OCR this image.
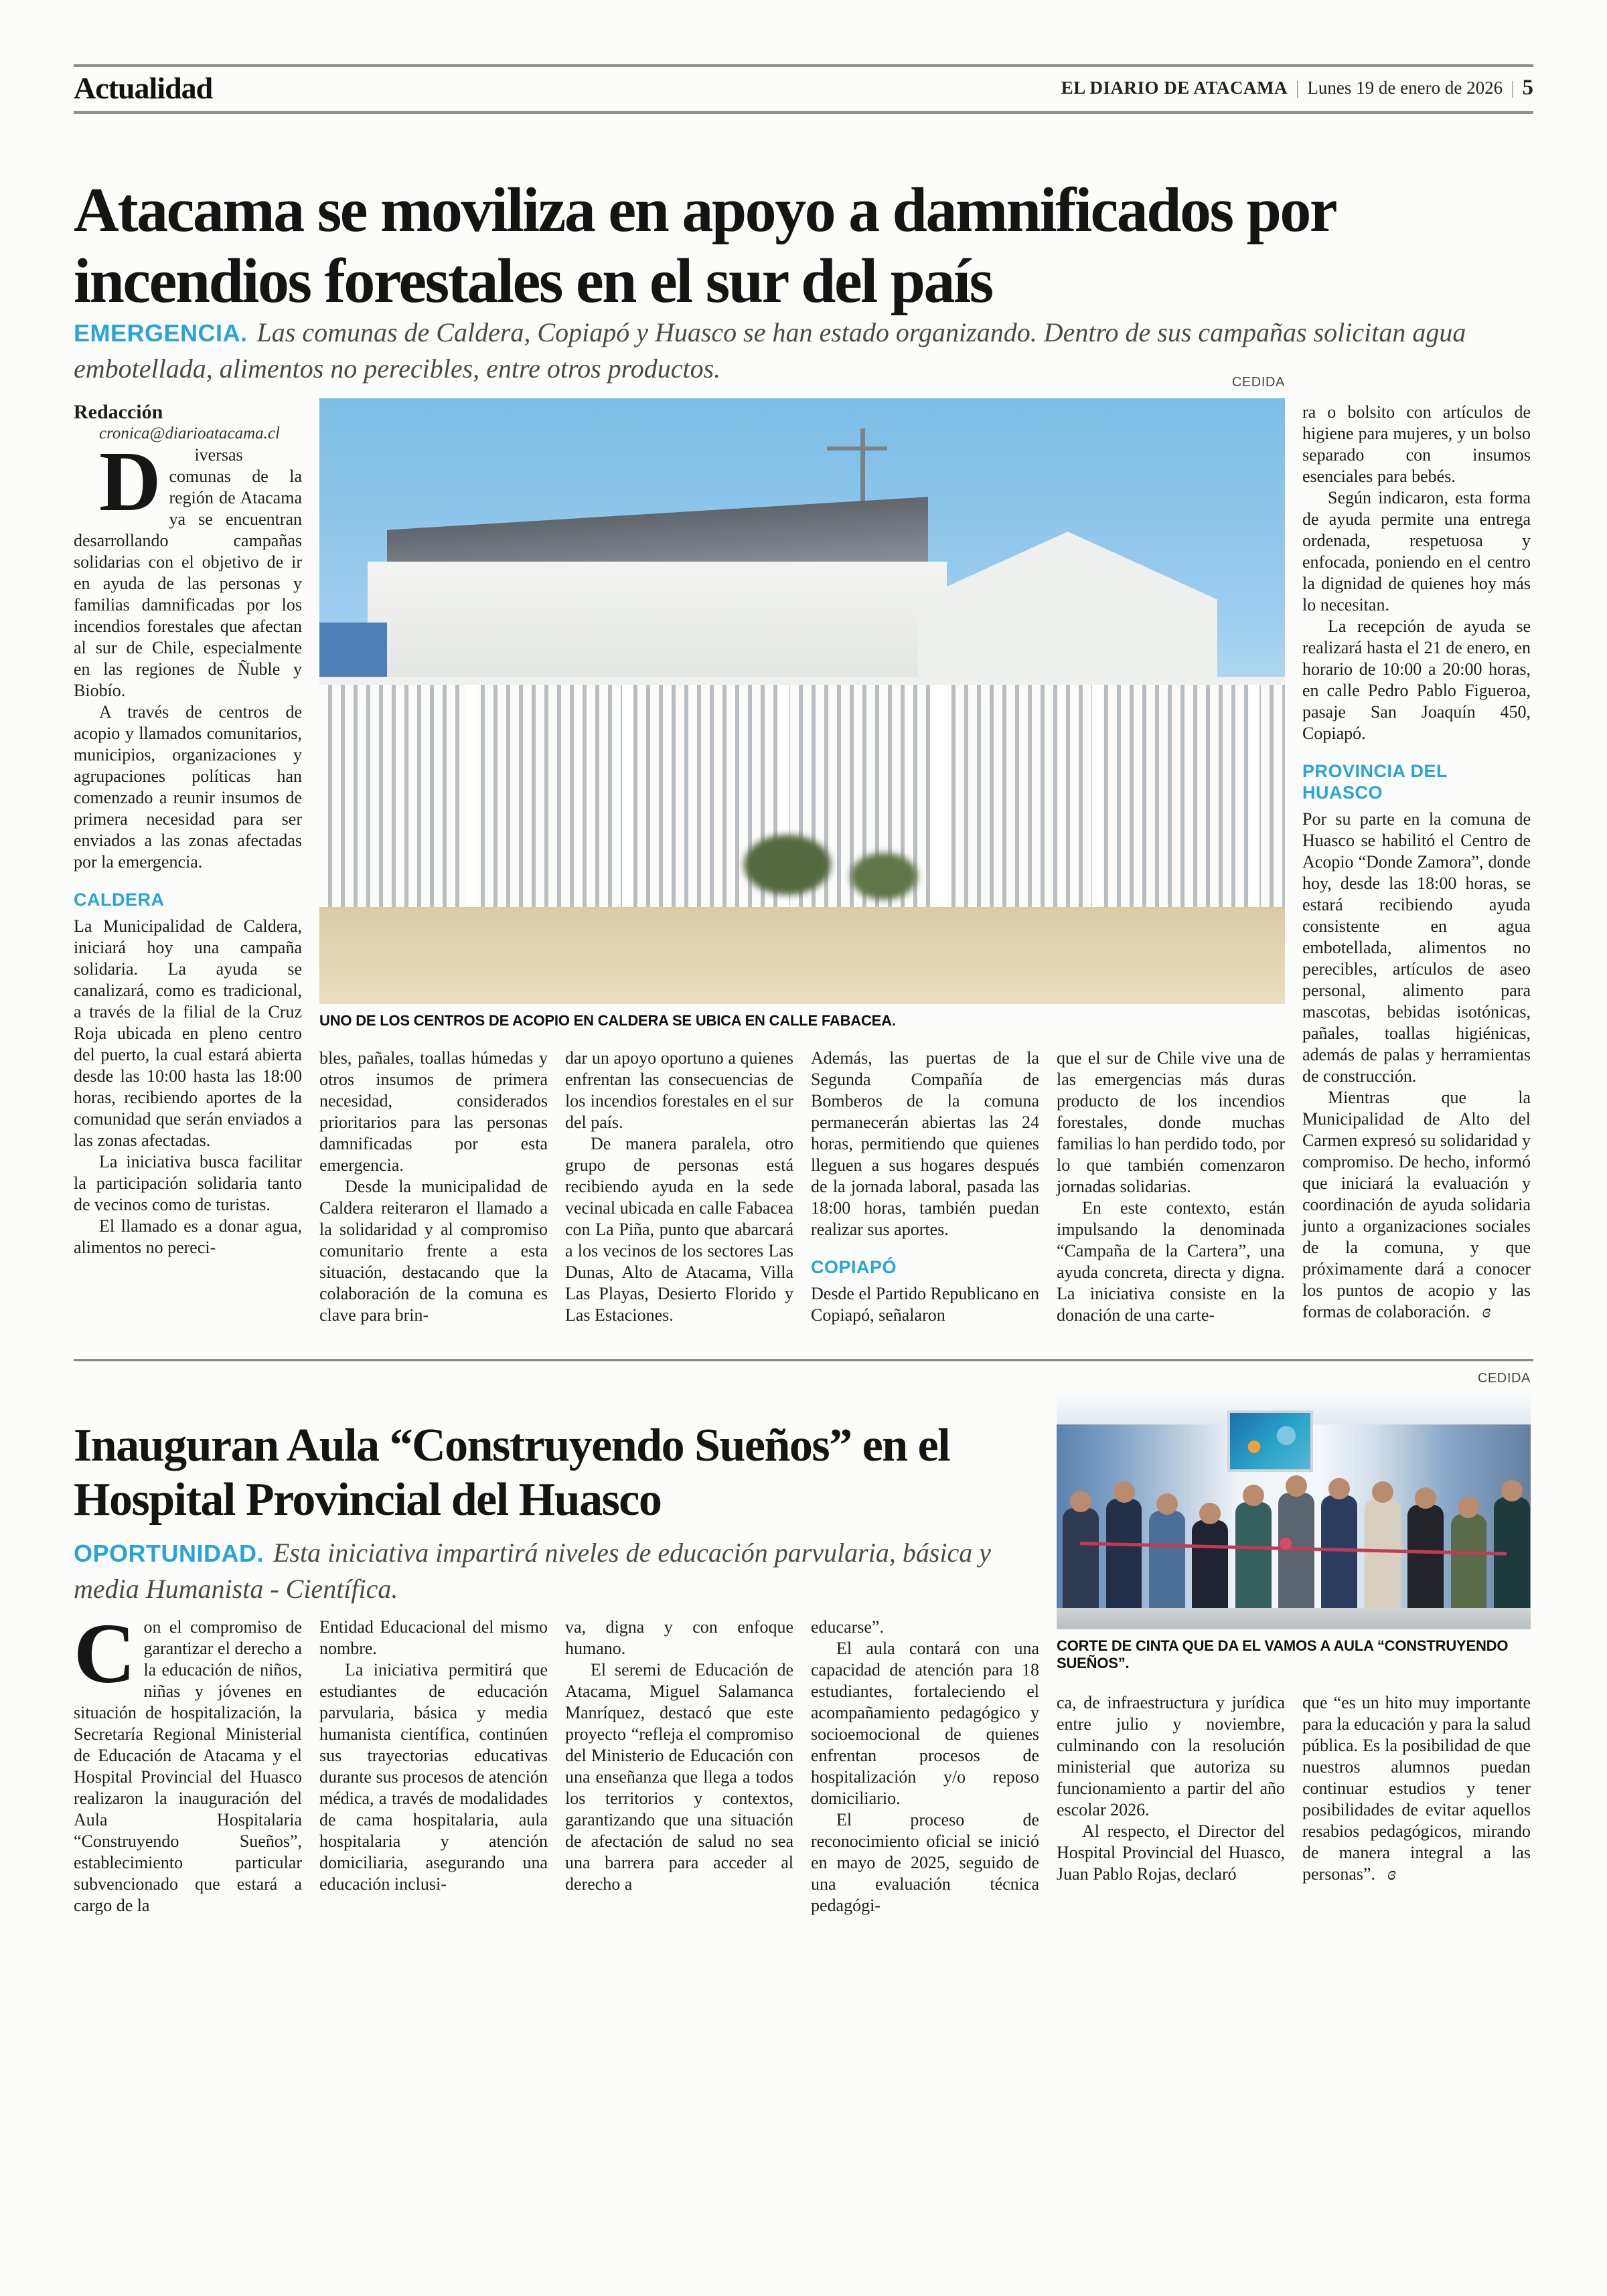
Actualidad	EL DIARIO DE ATACAMA | Lunes 19 de enero de 2026 | 5
Atacama se moviliza en apoyo a damnificados por incendios forestales en el sur del país
EMERGENCIA. Las comunas de Caldera, Copiapó y Huasco se han estado organizando. Dentro de sus campañas solicitan agua embotellada, alimentos no perecibles, entre otros productos.	CEDIDA
UNO DE LOS CENTROS DE ACOPIO EN CALDERA SE UBICA EN CALLE FABACEA.

Redacción

cronica@diarioatacama.cl

D	iversas comunas de la región de Atacama ya se encuentran desarrollando campañas solidarias con el objetivo de ir en ayuda de las personas y familias damnificadas por los incendios forestales que afectan al sur de Chile, especialmente en las regiones de Ñuble y Biobío.

A través de centros de acopio y llamados comunitarios, municipios, organizaciones y agrupaciones políticas han comenzado a reunir insumos de primera necesidad para ser enviados a las zonas afectadas por la emergencia.

CALDERA

La Municipalidad de Caldera, iniciará hoy una campaña solidaria. La ayuda se canalizará, como es tradicional, a través de la filial de la Cruz Roja ubicada en pleno centro del puerto, la cual estará abierta desde las 10:00 hasta las 18:00 horas, recibiendo aportes de la comunidad que serán enviados a las zonas afectadas.

La iniciativa busca facilitar la participación solidaria tanto de vecinos como de turistas.

El llamado es a donar agua, alimentos no pereci-

bles, pañales, toallas húmedas y otros insumos de primera necesidad, considerados prioritarios para las personas damnificadas por esta emergencia.

Desde la municipalidad de Caldera reiteraron el llamado a la solidaridad y al compromiso comunitario frente a esta situación, destacando que la colaboración de la comuna es clave para brin-

dar un apoyo oportuno a quienes enfrentan las consecuencias de los incendios forestales en el sur del país.

De manera paralela, otro grupo de personas está recibiendo ayuda en la sede vecinal ubicada en calle Fabacea con La Piña, punto que abarcará a los vecinos de los sectores Las Dunas, Alto de Atacama, Villa Las Playas, Desierto Florido y Las Estaciones.

Además, las puertas de la Segunda Compañía de Bomberos de la comuna permanecerán abiertas las 24 horas, permitiendo que quienes lleguen a sus hogares después de la jornada laboral, pasada las 18:00 horas, también puedan realizar sus aportes.

COPIAPÓ

Desde el Partido Republicano en Copiapó, señalaron

que el sur de Chile vive una de las emergencias más duras producto de los incendios forestales, donde muchas familias lo han perdido todo, por lo que también comenzaron jornadas solidarias.

En este contexto, están impulsando la denominada “Campaña de la Cartera”, una ayuda concreta, directa y digna. La iniciativa consiste en la donación de una carte-

ra o bolsito con artículos de higiene para mujeres, y un bolso separado con insumos esenciales para bebés.

Según indicaron, esta forma de ayuda permite una entrega ordenada, respetuosa y enfocada, poniendo en el centro la dignidad de quienes hoy más lo necesitan.

La recepción de ayuda se realizará hasta el 21 de enero, en horario de 10:00 a 20:00 horas, en calle Pedro Pablo Figueroa, pasaje San Joaquín 450, Copiapó.

PROVINCIA DEL HUASCO

Por su parte en la comuna de Huasco se habilitó el Centro de Acopio “Donde Zamora”, donde hoy, desde las 18:00 horas, se estará recibiendo ayuda consistente en agua embotellada, alimentos no perecibles, artículos de aseo personal, alimento para mascotas, bebidas isotónicas, pañales, toallas higiénicas, además de palas y herramientas de construcción.

Mientras que la Municipalidad de Alto del Carmen expresó su solidaridad y compromiso. De hecho, informó que iniciará la evaluación y coordinación de ayuda solidaria junto a organizaciones sociales de la comuna, y que próximamente dará a conocer los puntos de acopio y las formas de colaboración. ɞ

Inauguran Aula “Construyendo Sueños” en el Hospital Provincial del Huasco
OPORTUNIDAD. Esta iniciativa impartirá niveles de educación parvularia, básica y media Humanista - Científica.
CEDIDA
CORTE DE CINTA QUE DA EL VAMOS A AULA “CONSTRUYENDO SUEÑOS”.

Con el compromiso de garantizar el derecho a la educación de niños, niñas y jóvenes en situación de hospitalización, la Secretaría Regional Ministerial de Educación de Atacama y el Hospital Provincial del Huasco realizaron la inauguración del Aula Hospitalaria “Construyendo Sueños”, establecimiento particular subvencionado que estará a cargo de la

Entidad Educacional del mismo nombre.

La iniciativa permitirá que estudiantes de educación parvularia, básica y media humanista científica, continúen sus trayectorias educativas durante sus procesos de atención médica, a través de modalidades de cama hospitalaria, aula hospitalaria y atención domiciliaria, asegurando una educación inclusi-

va, digna y con enfoque humano.

El seremi de Educación de Atacama, Miguel Salamanca Manríquez, destacó que este proyecto “refleja el compromiso del Ministerio de Educación con una enseñanza que llega a todos los territorios y contextos, garantizando que una situación de afectación de salud no sea una barrera para acceder al derecho a

educarse”.

El aula contará con una capacidad de atención para 18 estudiantes, fortaleciendo el acompañamiento pedagógico y socioemocional de quienes enfrentan procesos de hospitalización y/o reposo domiciliario.

El proceso de reconocimiento oficial se inició en mayo de 2025, seguido de una evaluación técnica pedagógi-

ca, de infraestructura y jurídica entre julio y noviembre, culminando con la resolución ministerial que autoriza su funcionamiento a partir del año escolar 2026.

Al respecto, el Director del Hospital Provincial del Huasco, Juan Pablo Rojas, declaró

que “es un hito muy importante para la educación y para la salud pública. Es la posibilidad de que nuestros alumnos puedan continuar estudios y tener posibilidades de evitar aquellos resabios pedagógicos, mirando de manera integral a las personas”. ɞ
